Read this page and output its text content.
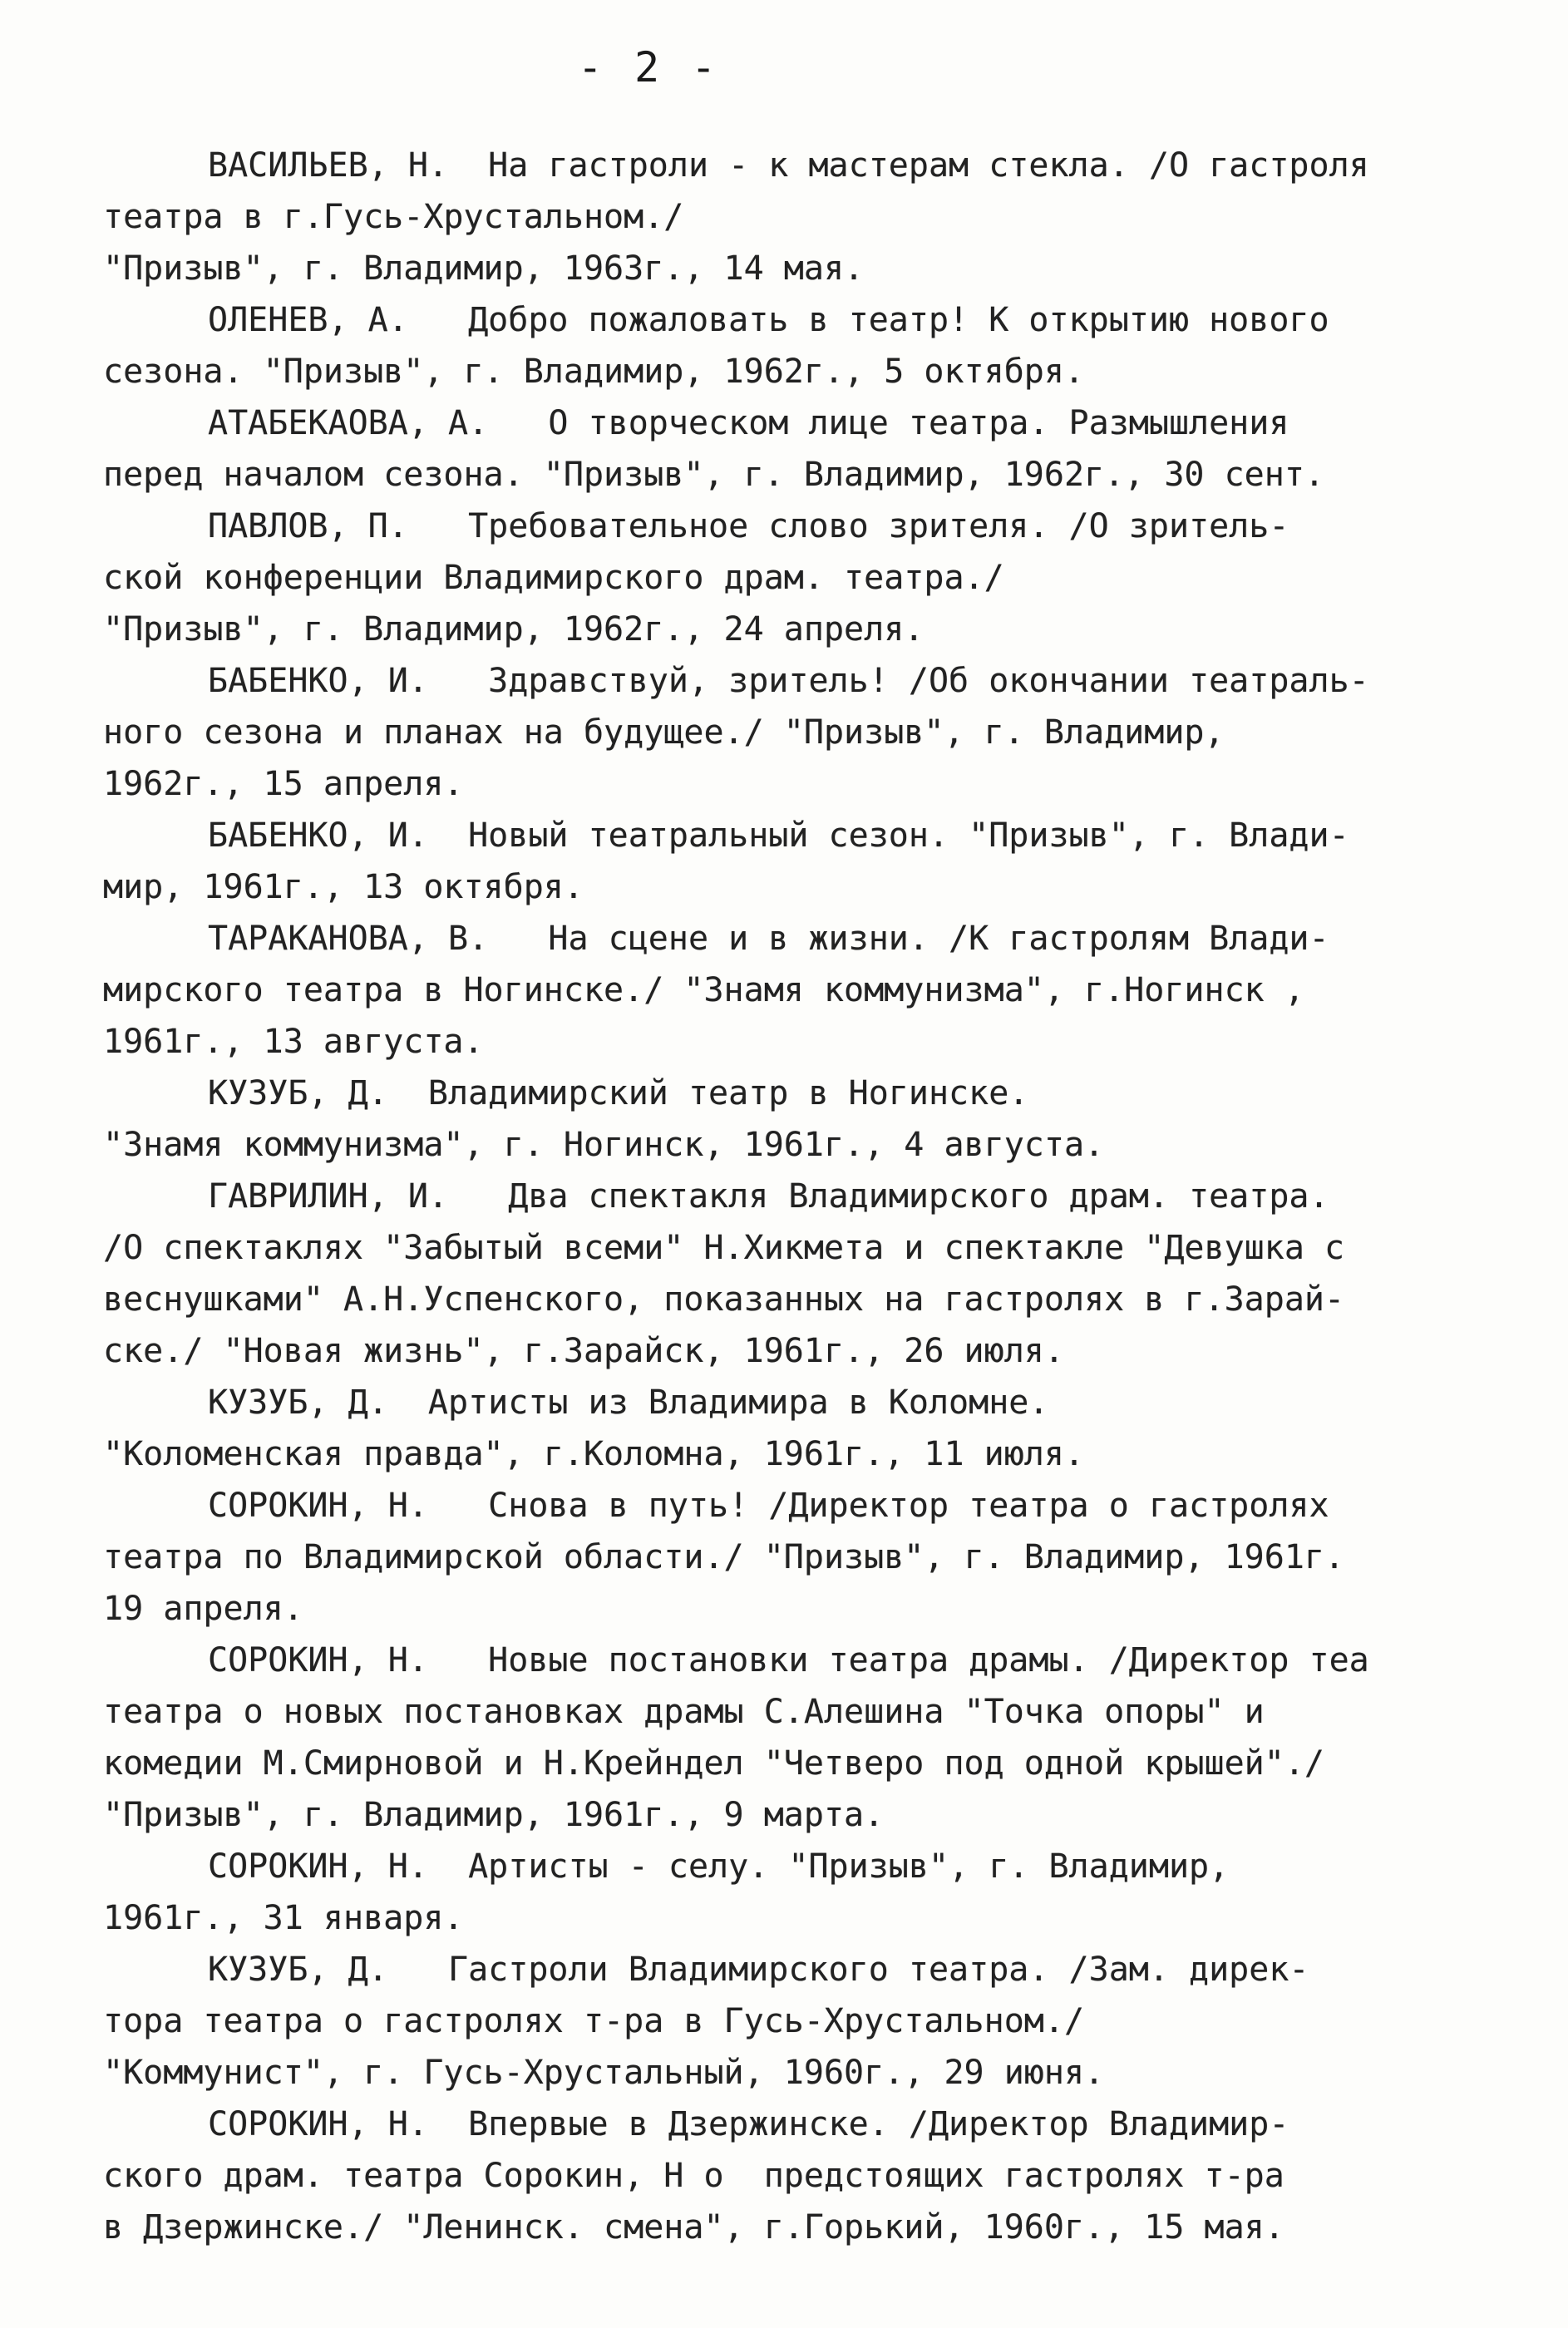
- 2 -
ВАСИЛЬЕВ, Н.  На гастроли - к мастерам стекла. /О гастроля
театра в г.Гусь-Хрустальном./
"Призыв", г. Владимир, 1963г., 14 мая.
ОЛЕНЕВ, А.   Добро пожаловать в театр! К открытию нового
сезона. "Призыв", г. Владимир, 1962г., 5 октября.
АТАБЕКАОВА, А.   О творческом лице театра. Размышления
перед началом сезона. "Призыв", г. Владимир, 1962г., 30 сент.
ПАВЛОВ, П.   Требовательное слово зрителя. /О зритель-
ской конференции Владимирского драм. театра./
"Призыв", г. Владимир, 1962г., 24 апреля.
БАБЕНКО, И.   Здравствуй, зритель! /Об окончании театраль-
ного сезона и планах на будущее./ "Призыв", г. Владимир,
1962г., 15 апреля.
БАБЕНКО, И.  Новый театральный сезон. "Призыв", г. Влади-
мир, 1961г., 13 октября.
ТАРАКАНОВА, В.   На сцене и в жизни. /К гастролям Влади-
мирского театра в Ногинске./ "Знамя коммунизма", г.Ногинск ,
1961г., 13 августа.
КУЗУБ, Д.  Владимирский театр в Ногинске.
"Знамя коммунизма", г. Ногинск, 1961г., 4 августа.
ГАВРИЛИН, И.   Два спектакля Владимирского драм. театра.
/О спектаклях "Забытый всеми" Н.Хикмета и спектакле "Девушка с
веснушками" А.Н.Успенского, показанных на гастролях в г.Зарай-
ске./ "Новая жизнь", г.Зарайск, 1961г., 26 июля.
КУЗУБ, Д.  Артисты из Владимира в Коломне.
"Коломенская правда", г.Коломна, 1961г., 11 июля.
СОРОКИН, Н.   Снова в путь! /Директор театра о гастролях
театра по Владимирской области./ "Призыв", г. Владимир, 1961г.
19 апреля.
СОРОКИН, Н.   Новые постановки театра драмы. /Директор теа
театра о новых постановках драмы С.Алешина "Точка опоры" и
комедии М.Смирновой и Н.Крейндел "Четверо под одной крышей"./
"Призыв", г. Владимир, 1961г., 9 марта.
СОРОКИН, Н.  Артисты - селу. "Призыв", г. Владимир,
1961г., 31 января.
КУЗУБ, Д.   Гастроли Владимирского театра. /Зам. дирек-
тора театра о гастролях т-ра в Гусь-Хрустальном./
"Коммунист", г. Гусь-Хрустальный, 1960г., 29 июня.
СОРОКИН, Н.  Впервые в Дзержинске. /Директор Владимир-
ского драм. театра Сорокин, Н о  предстоящих гастролях т-ра
в Дзержинске./ "Ленинск. смена", г.Горький, 1960г., 15 мая.
